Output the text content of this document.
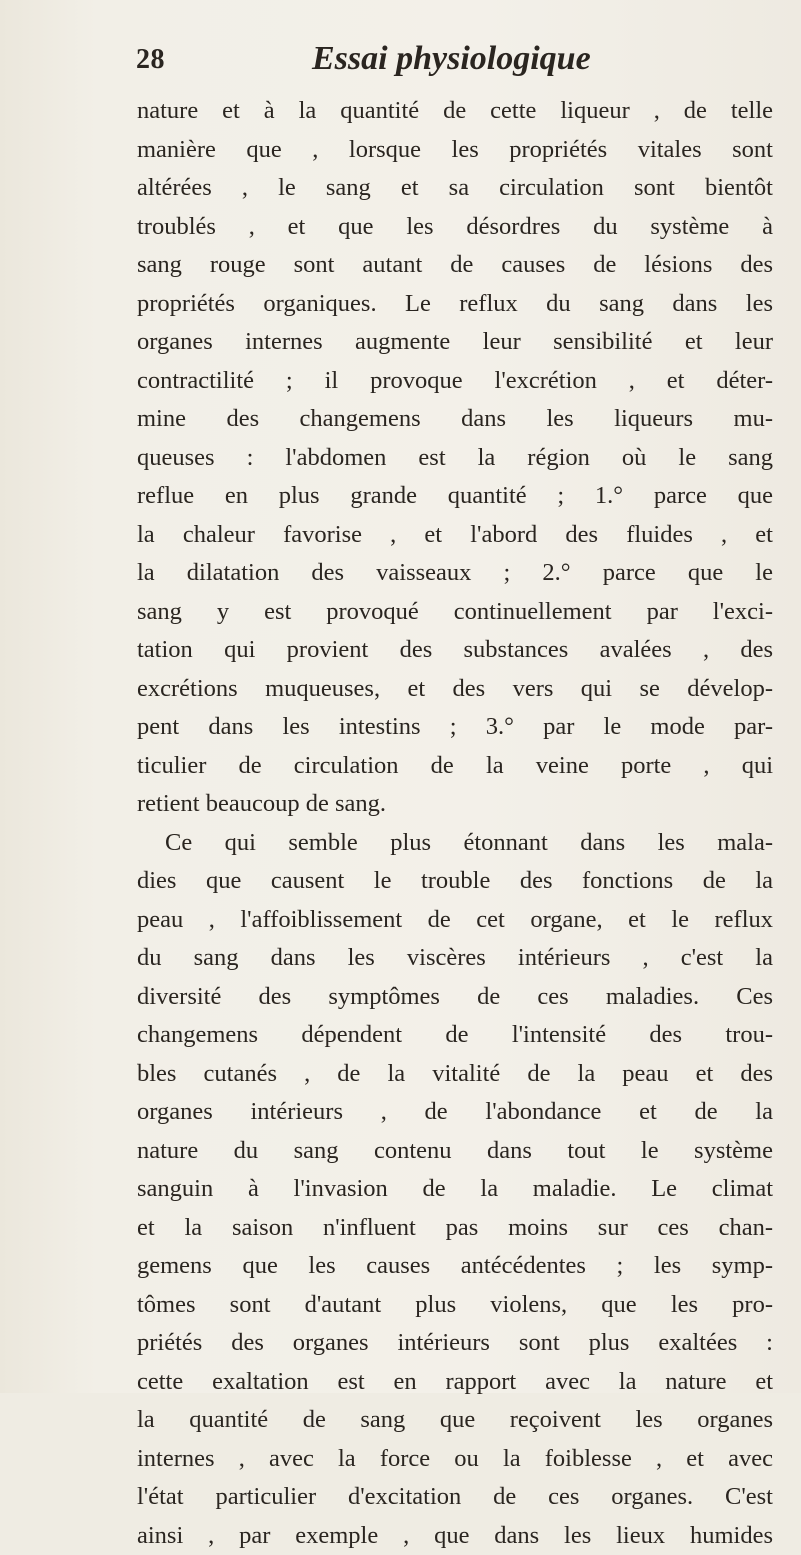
28	Essai physiologique
nature et à la quantité de cette liqueur , de telle
manière que , lorsque les propriétés vitales sont
altérées , le sang et sa circulation sont bientôt
troublés , et que les désordres du système à
sang rouge sont autant de causes de lésions des
propriétés organiques. Le reflux du sang dans les
organes internes augmente leur sensibilité et leur
contractilité ; il provoque l'excrétion , et déter-
mine des changemens dans les liqueurs mu-
queuses : l'abdomen est la région où le sang
reflue en plus grande quantité ; 1.° parce que
la chaleur favorise , et l'abord des fluides , et
la dilatation des vaisseaux ; 2.° parce que le
sang y est provoqué continuellement par l'exci-
tation qui provient des substances avalées , des
excrétions muqueuses, et des vers qui se dévelop-
pent dans les intestins ; 3.° par le mode par-
ticulier de circulation de la veine porte , qui
retient beaucoup de sang.
Ce qui semble plus étonnant dans les mala-
dies que causent le trouble des fonctions de la
peau , l'affoiblissement de cet organe, et le reflux
du sang dans les viscères intérieurs , c'est la
diversité des symptômes de ces maladies. Ces
changemens dépendent de l'intensité des trou-
bles cutanés , de la vitalité de la peau et des
organes intérieurs , de l'abondance et de la
nature du sang contenu dans tout le système
sanguin à l'invasion de la maladie. Le climat
et la saison n'influent pas moins sur ces chan-
gemens que les causes antécédentes ; les symp-
tômes sont d'autant plus violens, que les pro-
priétés des organes intérieurs sont plus exaltées :
cette exaltation est en rapport avec la nature et
la quantité de sang que reçoivent les organes
internes , avec la force ou la foiblesse , et avec
l'état particulier d'excitation de ces organes. C'est
ainsi , par exemple , que dans les lieux humides
